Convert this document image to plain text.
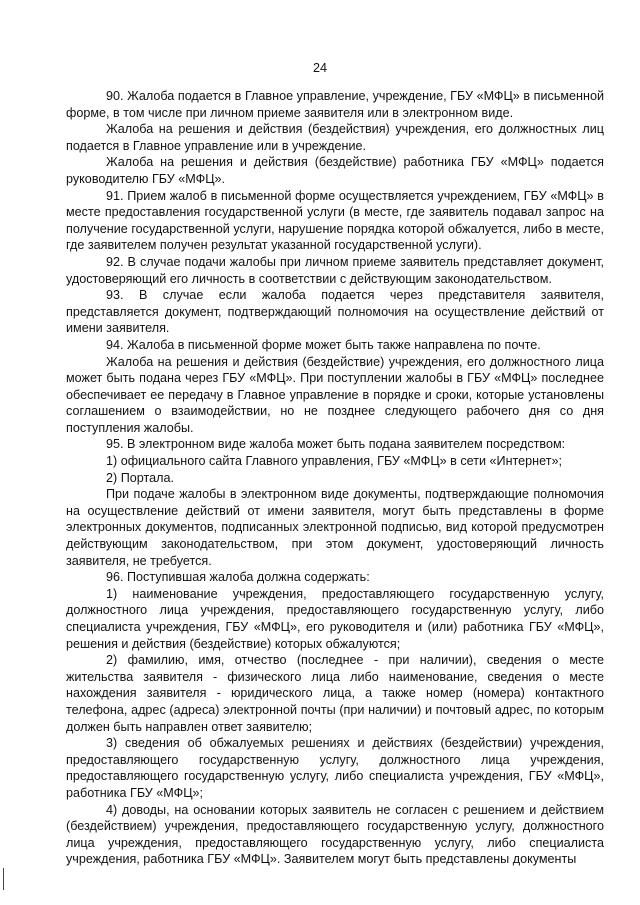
24

90. Жалоба подается в Главное управление, учреждение, ГБУ «МФЦ» в письменной форме, в том числе при личном приеме заявителя или в электронном виде.

Жалоба на решения и действия (бездействия) учреждения, его должностных лиц подается в Главное управление или в учреждение.

Жалоба на решения и действия (бездействие) работника ГБУ «МФЦ» подается руководителю ГБУ «МФЦ».

91. Прием жалоб в письменной форме осуществляется учреждением, ГБУ «МФЦ» в месте предоставления государственной услуги (в месте, где заявитель подавал запрос на получение государственной услуги, нарушение порядка которой обжалуется, либо в месте, где заявителем получен результат указанной государственной услуги).

92. В случае подачи жалобы при личном приеме заявитель представляет документ, удостоверяющий его личность в соответствии с действующим законодательством.

93. В случае если жалоба подается через представителя заявителя, представляется документ, подтверждающий полномочия на осуществление действий от имени заявителя.

94. Жалоба в письменной форме может быть также направлена по почте.

Жалоба на решения и действия (бездействие) учреждения, его должностного лица может быть подана через ГБУ «МФЦ». При поступлении жалобы в ГБУ «МФЦ» последнее обеспечивает ее передачу в Главное управление в порядке и сроки, которые установлены соглашением о взаимодействии, но не позднее следующего рабочего дня со дня поступления жалобы.

95. В электронном виде жалоба может быть подана заявителем посредством:

1) официального сайта Главного управления, ГБУ «МФЦ» в сети «Интернет»;

2) Портала.

При подаче жалобы в электронном виде документы, подтверждающие полномочия на осуществление действий от имени заявителя, могут быть представлены в форме электронных документов, подписанных электронной подписью, вид которой предусмотрен действующим законодательством, при этом документ, удостоверяющий личность заявителя, не требуется.

96. Поступившая жалоба должна содержать:

1) наименование учреждения, предоставляющего государственную услугу, должностного лица учреждения, предоставляющего государственную услугу, либо специалиста учреждения, ГБУ «МФЦ», его руководителя и (или) работника ГБУ «МФЦ», решения и действия (бездействие) которых обжалуются;

2) фамилию, имя, отчество (последнее - при наличии), сведения о месте жительства заявителя - физического лица либо наименование, сведения о месте нахождения заявителя - юридического лица, а также номер (номера) контактного телефона, адрес (адреса) электронной почты (при наличии) и почтовый адрес, по которым должен быть направлен ответ заявителю;

3) сведения об обжалуемых решениях и действиях (бездействии) учреждения, предоставляющего государственную услугу, должностного лица учреждения, предоставляющего государственную услугу, либо специалиста учреждения, ГБУ «МФЦ», работника ГБУ «МФЦ»;

4) доводы, на основании которых заявитель не согласен с решением и действием (бездействием) учреждения, предоставляющего государственную услугу, должностного лица учреждения, предоставляющего государственную услугу, либо специалиста учреждения, работника ГБУ «МФЦ». Заявителем могут быть представлены документы
